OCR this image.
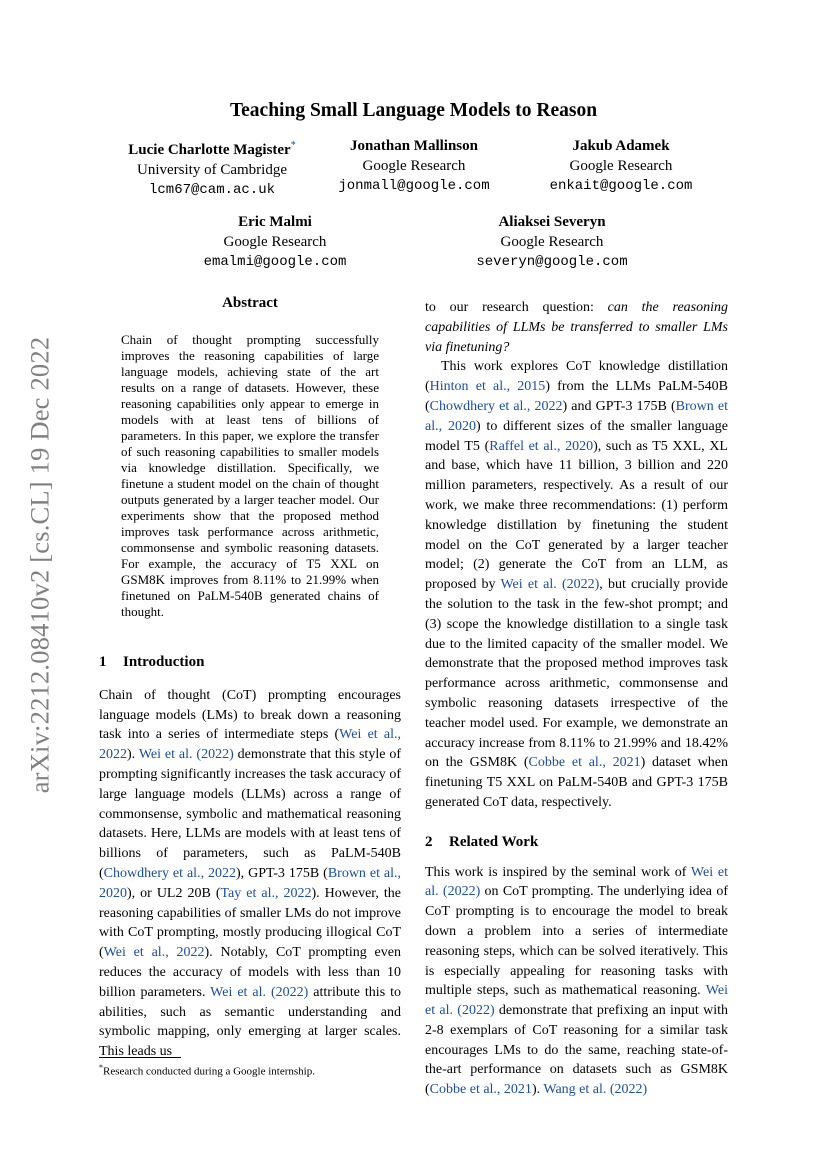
arXiv:2212.08410v2 [cs.CL] 19 Dec 2022
Teaching Small Language Models to Reason
Lucie Charlotte Magister*
University of Cambridge
lcm67@cam.ac.uk
Jonathan Mallinson
Google Research
jonmall@google.com
Jakub Adamek
Google Research
enkait@google.com
Eric Malmi
Google Research
emalmi@google.com
Aliaksei Severyn
Google Research
severyn@google.com
Abstract

Chain of thought prompting successfully improves the reasoning capabilities of large language models, achieving state of the art results on a range of datasets. However, these reasoning capabilities only appear to emerge in models with at least tens of billions of parameters. In this paper, we explore the transfer of such reasoning capabilities to smaller models via knowledge distillation. Specifically, we finetune a student model on the chain of thought outputs generated by a larger teacher model. Our experiments show that the proposed method improves task performance across arithmetic, commonsense and symbolic reasoning datasets. For example, the accuracy of T5 XXL on GSM8K improves from 8.11% to 21.99% when finetuned on PaLM-540B generated chains of thought.

1 Introduction

Chain of thought (CoT) prompting encourages language models (LMs) to break down a reasoning task into a series of intermediate steps (Wei et al., 2022). Wei et al. (2022) demonstrate that this style of prompting significantly increases the task accuracy of large language models (LLMs) across a range of commonsense, symbolic and mathematical reasoning datasets. Here, LLMs are models with at least tens of billions of parameters, such as PaLM-540B (Chowdhery et al., 2022), GPT-3 175B (Brown et al., 2020), or UL2 20B (Tay et al., 2022). However, the reasoning capabilities of smaller LMs do not improve with CoT prompting, mostly producing illogical CoT (Wei et al., 2022). Notably, CoT prompting even reduces the accuracy of models with less than 10 billion parameters. Wei et al. (2022) attribute this to abilities, such as semantic understanding and symbolic mapping, only emerging at larger scales. This leads us

*Research conducted during a Google internship.

to our research question: can the reasoning capabilities of LLMs be transferred to smaller LMs via finetuning?

This work explores CoT knowledge distillation (Hinton et al., 2015) from the LLMs PaLM-540B (Chowdhery et al., 2022) and GPT-3 175B (Brown et al., 2020) to different sizes of the smaller language model T5 (Raffel et al., 2020), such as T5 XXL, XL and base, which have 11 billion, 3 billion and 220 million parameters, respectively. As a result of our work, we make three recommendations: (1) perform knowledge distillation by finetuning the student model on the CoT generated by a larger teacher model; (2) generate the CoT from an LLM, as proposed by Wei et al. (2022), but crucially provide the solution to the task in the few-shot prompt; and (3) scope the knowledge distillation to a single task due to the limited capacity of the smaller model. We demonstrate that the proposed method improves task performance across arithmetic, commonsense and symbolic reasoning datasets irrespective of the teacher model used. For example, we demonstrate an accuracy increase from 8.11% to 21.99% and 18.42% on the GSM8K (Cobbe et al., 2021) dataset when finetuning T5 XXL on PaLM-540B and GPT-3 175B generated CoT data, respectively.

2 Related Work

This work is inspired by the seminal work of Wei et al. (2022) on CoT prompting. The underlying idea of CoT prompting is to encourage the model to break down a problem into a series of intermediate reasoning steps, which can be solved iteratively. This is especially appealing for reasoning tasks with multiple steps, such as mathematical reasoning. Wei et al. (2022) demonstrate that prefixing an input with 2-8 exemplars of CoT reasoning for a similar task encourages LMs to do the same, reaching state-of-the-art performance on datasets such as GSM8K (Cobbe et al., 2021). Wang et al. (2022)
